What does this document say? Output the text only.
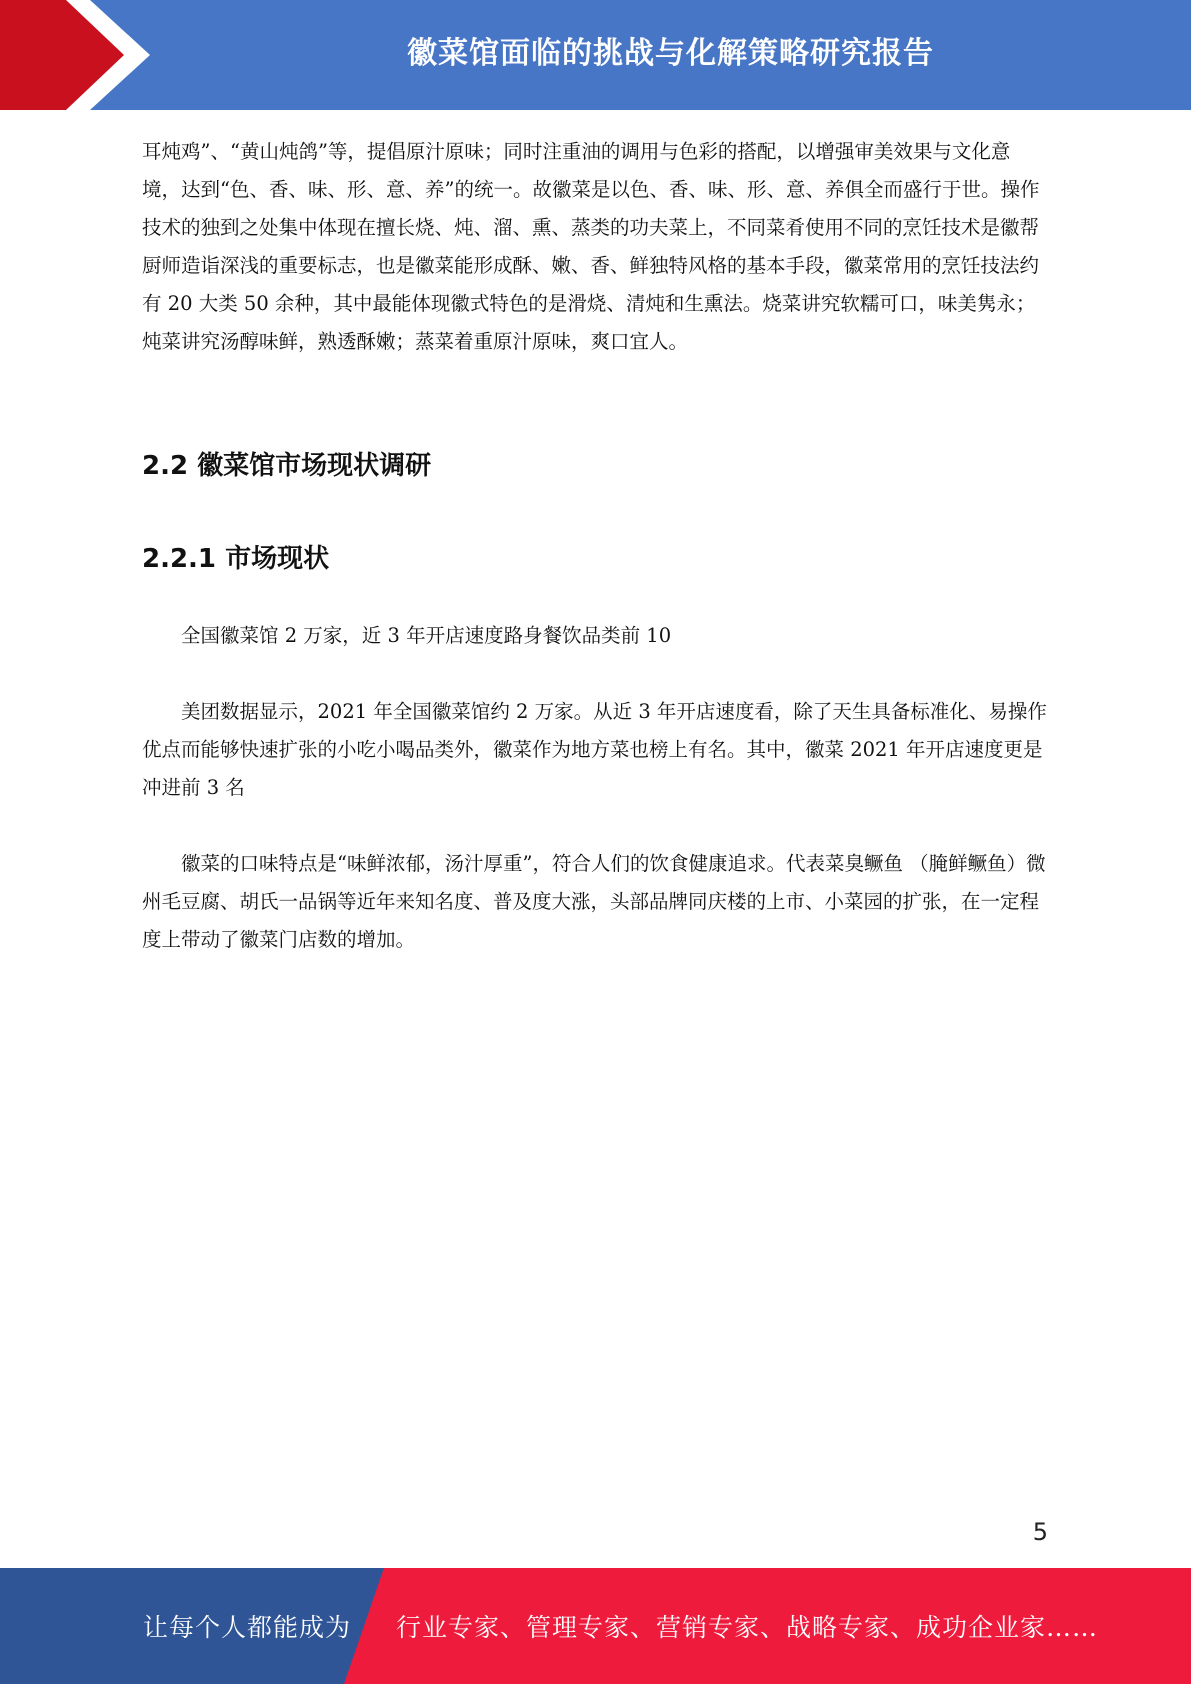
徽菜馆面临的挑战与化解策略研究报告

耳炖鸡”、“黄山炖鸽”等，提倡原汁原味；同时注重油的调用与色彩的搭配，以增强审美效果与文化意境，达到“色、香、味、形、意、养”的统一。故徽菜是以色、香、味、形、意、养俱全而盛行于世。操作技术的独到之处集中体现在擅长烧、炖、溜、熏、蒸类的功夫菜上，不同菜肴使用不同的烹饪技术是徽帮厨师造诣深浅的重要标志，也是徽菜能形成酥、嫩、香、鲜独特风格的基本手段，徽菜常用的烹饪技法约有 20 大类 50 余种，其中最能体现徽式特色的是滑烧、清炖和生熏法。烧菜讲究软糯可口，味美隽永；炖菜讲究汤醇味鲜，熟透酥嫩；蒸菜着重原汁原味，爽口宜人。

2.2 徽菜馆市场现状调研
2.2.1 市场现状

全国徽菜馆 2 万家，近 3 年开店速度路身餐饮品类前 10

美团数据显示，2021 年全国徽菜馆约 2 万家。从近 3 年开店速度看，除了天生具备标准化、易操作优点而能够快速扩张的小吃小喝品类外，徽菜作为地方菜也榜上有名。其中，徽菜 2021 年开店速度更是冲进前 3 名

徽菜的口味特点是“味鲜浓郁，汤汁厚重”，符合人们的饮食健康追求。代表菜臭鳜鱼 （腌鲜鳜鱼）微州毛豆腐、胡氏一品锅等近年来知名度、普及度大涨，头部品牌同庆楼的上市、小菜园的扩张，在一定程度上带动了徽菜门店数的增加。

5
让每个人都能成为 行业专家、管理专家、营销专家、战略专家、成功企业家……
